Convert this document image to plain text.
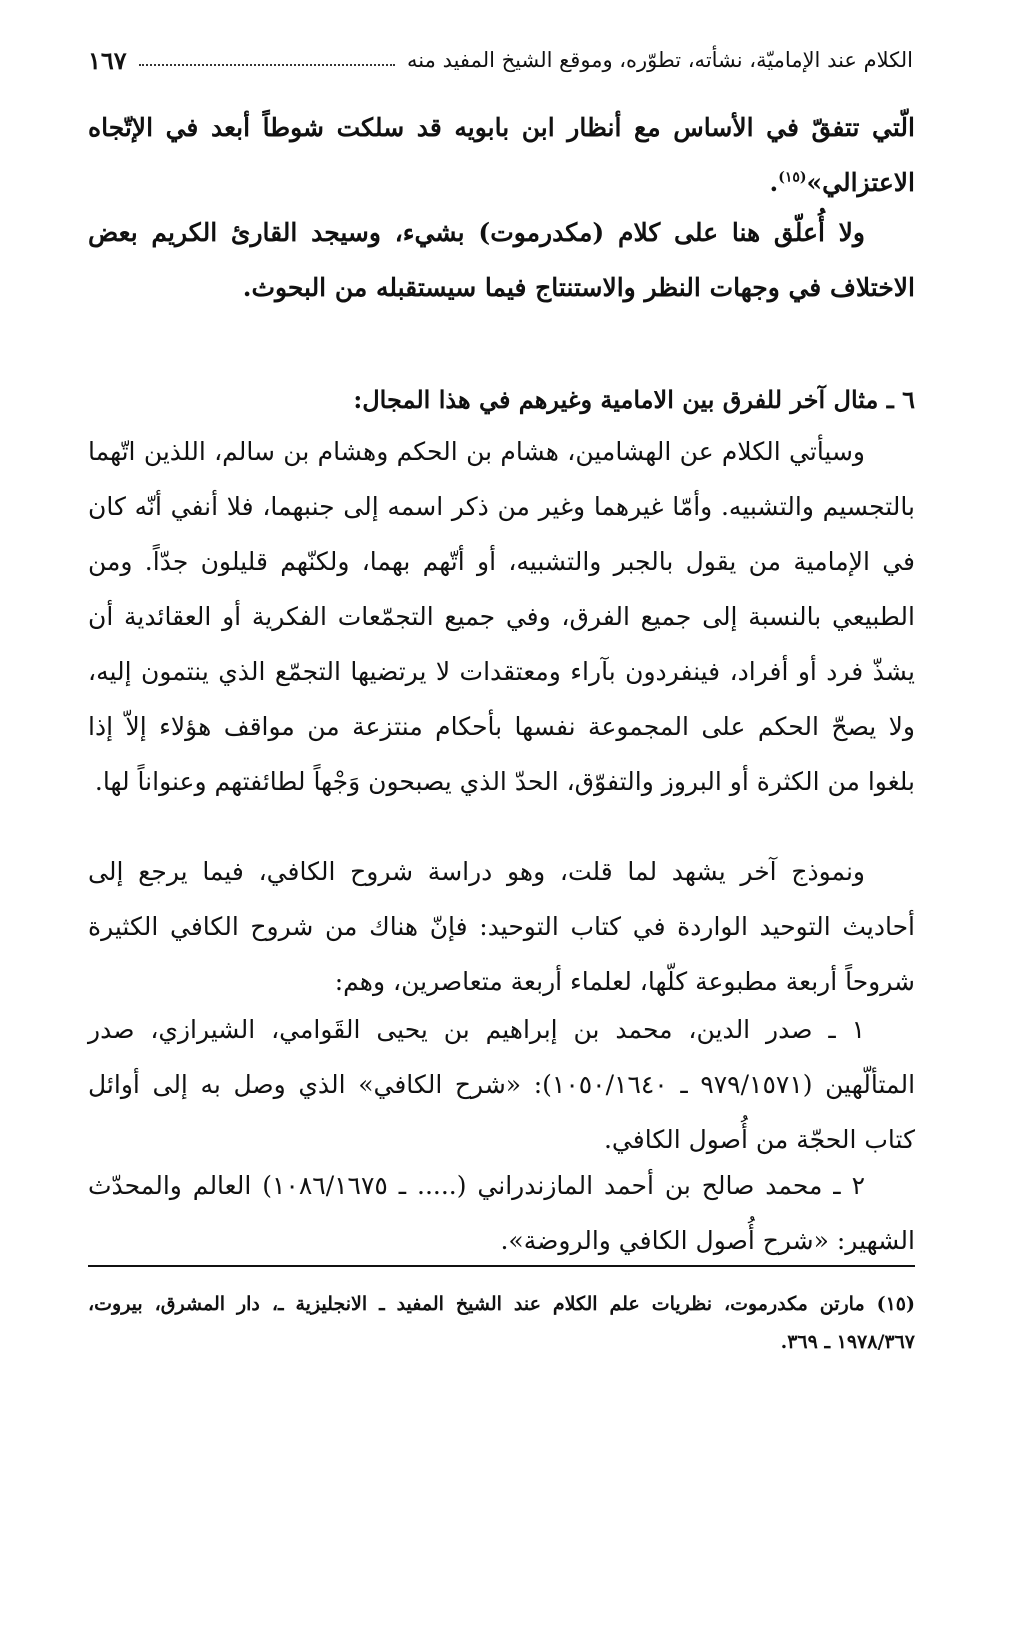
الكلام عند الإماميّة، نشأته، تطوّره، وموقع الشيخ المفيد منه
١٦٧

الّتي تتفقّ في الأساس مع أنظار ابن بابويه قد سلكت شوطاً أبعد في الإتّجاه الاعتزالي»$^{(١٥)}$.

ولا أُعلّق هنا على كلام (مكدرموت) بشيء، وسيجد القارئ الكريم بعض الاختلاف في وجهات النظر والاستنتاج فيما سيستقبله من البحوث.

٦ ـ مثال آخر للفرق بين الامامية وغيرهم في هذا المجال:

وسيأتي الكلام عن الهشامين، هشام بن الحكم وهشام بن سالم، اللذين اتّهما بالتجسيم والتشبيه. وأمّا غيرهما وغير من ذكر اسمه إلى جنبهما، فلا أنفي أنّه كان في الإمامية من يقول بالجبر والتشبيه، أو أتّهم بهما، ولكنّهم قليلون جدّاً. ومن الطبيعي بالنسبة إلى جميع الفرق، وفي جميع التجمّعات الفكرية أو العقائدية أن يشذّ فرد أو أفراد، فينفردون بآراء ومعتقدات لا يرتضيها التجمّع الذي ينتمون إليه، ولا يصحّ الحكم على المجموعة نفسها بأحكام منتزعة من مواقف هؤلاء إلاّ إذا بلغوا من الكثرة أو البروز والتفوّق، الحدّ الذي يصبحون وَجْهاً لطائفتهم وعنواناً لها.

ونموذج آخر يشهد لما قلت، وهو دراسة شروح الكافي، فيما يرجع إلى أحاديث التوحيد الواردة في كتاب التوحيد: فإنّ هناك من شروح الكافي الكثيرة شروحاً أربعة مطبوعة كلّها، لعلماء أربعة متعاصرين، وهم:

١ ـ صدر الدين، محمد بن إبراهيم بن يحيى القَوامي، الشيرازي، صدر المتألّهين (٩٧٩/١٥٧١ ـ ١٠٥٠/١٦٤٠): «شرح الكافي» الذي وصل به إلى أوائل كتاب الحجّة من أُصول الكافي.

٢ ـ محمد صالح بن أحمد المازندراني (..... ـ ١٠٨٦/١٦٧٥) العالم والمحدّث الشهير: «شرح أُصول الكافي والروضة».

(١٥) مارتن مكدرموت، نظريات علم الكلام عند الشيخ المفيد ـ الانجليزية ـ، دار المشرق، بيروت، ١٩٧٨/٣٦٧ ـ ٣٦٩.
